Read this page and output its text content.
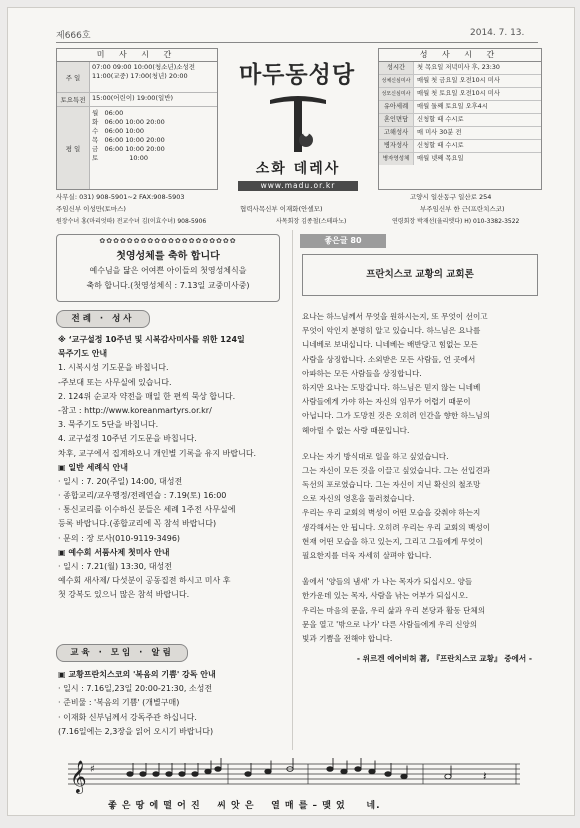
제666호	2014. 7. 13.
미 사 시 간
주 일
07:00 09:00 10:00(청소년)소성전
11:00(교중) 17:00(청년) 20:00
토요특전 15:00(어린이) 19:00(일반)
평 일
월 06:00
화 06:00 10:00 20:00
수 06:00 10:00
목 06:00 10:00 20:00
금 06:00 10:00 20:00
토	10:00
마두동성당
소화 데레사
www.madu.or.kr
성 사 시 간
성시간	첫 목요일 저녁미사 후, 23:30
성체신심미사	매월 첫 금요일 오전10시 미사
성모신심미사	매월 첫 토요일 오전10시 미사
유아세례	매월 둘째 토요일 오후4시
혼인면담	신청할 때 수시로
고해성사	매 미사 30분 전
병자성사	신청할 때 수시로
병자영성체	매월 넷째 목요일
사무실: 031) 908-5901~2 FAX:908-5903	고양시 일산동구 일산로 254
주임신부 이성만(토마스)	협력사목신부 이재화(안셀모)	부주임신부 한 근(프란치스코)
원장수녀 홍(마리엇따) 전교수녀 김(이효수녀) 908-5906	사목회장 김종철(스테파노)	연령회장 박재선(율리엣다) H) 010-3382-3522
✿✿✿✿✿✿✿✿✿✿✿✿✿✿✿✿✿✿✿✿
첫영성체를 축하 합니다
예수님을 닮은 어여쁜 아이들의 첫영성체식을
축하 합니다.(첫영성체식 : 7.13일 교중미사중)
전례 · 성사
※ ‘교구설정 10주년 및 시복감사미사를 위한 124일
묵주기도 안내
1. 시복시성 기도문을 바칩니다.
-주보대 또는 사무실에 있습니다.
2. 124위 순교자 약전을 매일 한 편씩 묵상 합니다.
-참고 : http://www.koreanmartyrs.or.kr/
3. 묵주기도 5단을 바칩니다.
4. 교구설정 10주년 기도문을 바칩니다.
차후, 교구에서 집계하오니 개인별 기록을 유지 바랍니다.
▣ 일반 세례식 안내
· 일시 : 7. 20(주일) 14:00, 대성전
· 종합교리/교우행정/전례연습 : 7.19(토) 16:00
· 통신교리를 이수하신 분들은 세례 1주전 사무실에
등록 바랍니다.(종합교리에 꼭 참석 바랍니다)
· 문의 : 장 로사(010-9119-3496)
▣ 예수회 서품사제 첫미사 안내
· 일시 : 7.21(월) 13:30, 대성전
예수회 새사제/ 다섯분이 공동집전 하시고 미사 후
첫 강복도 있으니 많은 참석 바랍니다.
교육 · 모임 · 알림
▣ 교황프란치스코의 '복음의 기쁨' 강독 안내
· 일시 : 7.16일,23일 20:00-21:30, 소성전
· 준비물 : '복음의 기쁨' (개별구매)
· 이재화 신부님께서 강독주관 하십니다.
(7.16일에는 2,3장을 읽어 오시기 바랍니다)
좋은글 80
프란치스코 교황의 교회론
요나는 하느님께서 무엇을 원하시는지, 또 무엇이 선이고
무엇이 악인지 분명히 알고 있습니다. 하느님은 요나를
니네베로 보내십니다. 니네베는 배반당고 힘없는 모든
사람을 상징합니다. 소외받은 모든 사람들, 언 곳에서
아파하는 모든 사람들을 상징합니다.
하지만 요나는 도망갑니다. 하느님은 믿지 않는 니네베
사람들에게 가야 하는 자신의 임무가 어렵기 때문이
아닙니다. 그가 도망친 것은 오히려 인간을 향한 하느님의
헤아릴 수 없는 사랑 때문입니다.
오나는 자기 방식대로 일을 하고 싶었습니다.
그는 자신이 모든 것을 이끌고 싶었습니다. 그는 선입견과
독선의 포로였습니다. 그는 자신이 지닌 확신의 철조망
으로 자신의 영혼을 둘러쳤습니다.
우리는 우리 교회의 벽성이 어떤 모습을 갖춰야 하는지
생각해서는 안 됩니다. 오히려 우리는 우리 교회의 백성이
현재 어떤 모습을 하고 있는지, 그리고 그들에게 무엇이
필요한지를 더욱 자세히 살펴야 합니다.
울에서 '양들의 냄새' 가 나는 목자가 되십시오. 양들
한가운데 있는 목자, 사람을 낚는 어부가 되십시오.
우리는 마음의 문을, 우리 삶과 우리 본당과 활동 단체의
문을 열고 '밖으로 나가' 다른 사람들에게 우리 신앙의
빛과 기쁨을 전해야 합니다.
- 위르겐 에어비허 著, 『프란치스코 교황』 중에서 -
𝄞 ♯	𝄽
좋 은 땅 에 떨 어 진    씨 앗 은    열 매 를 – 맺 었     네.
